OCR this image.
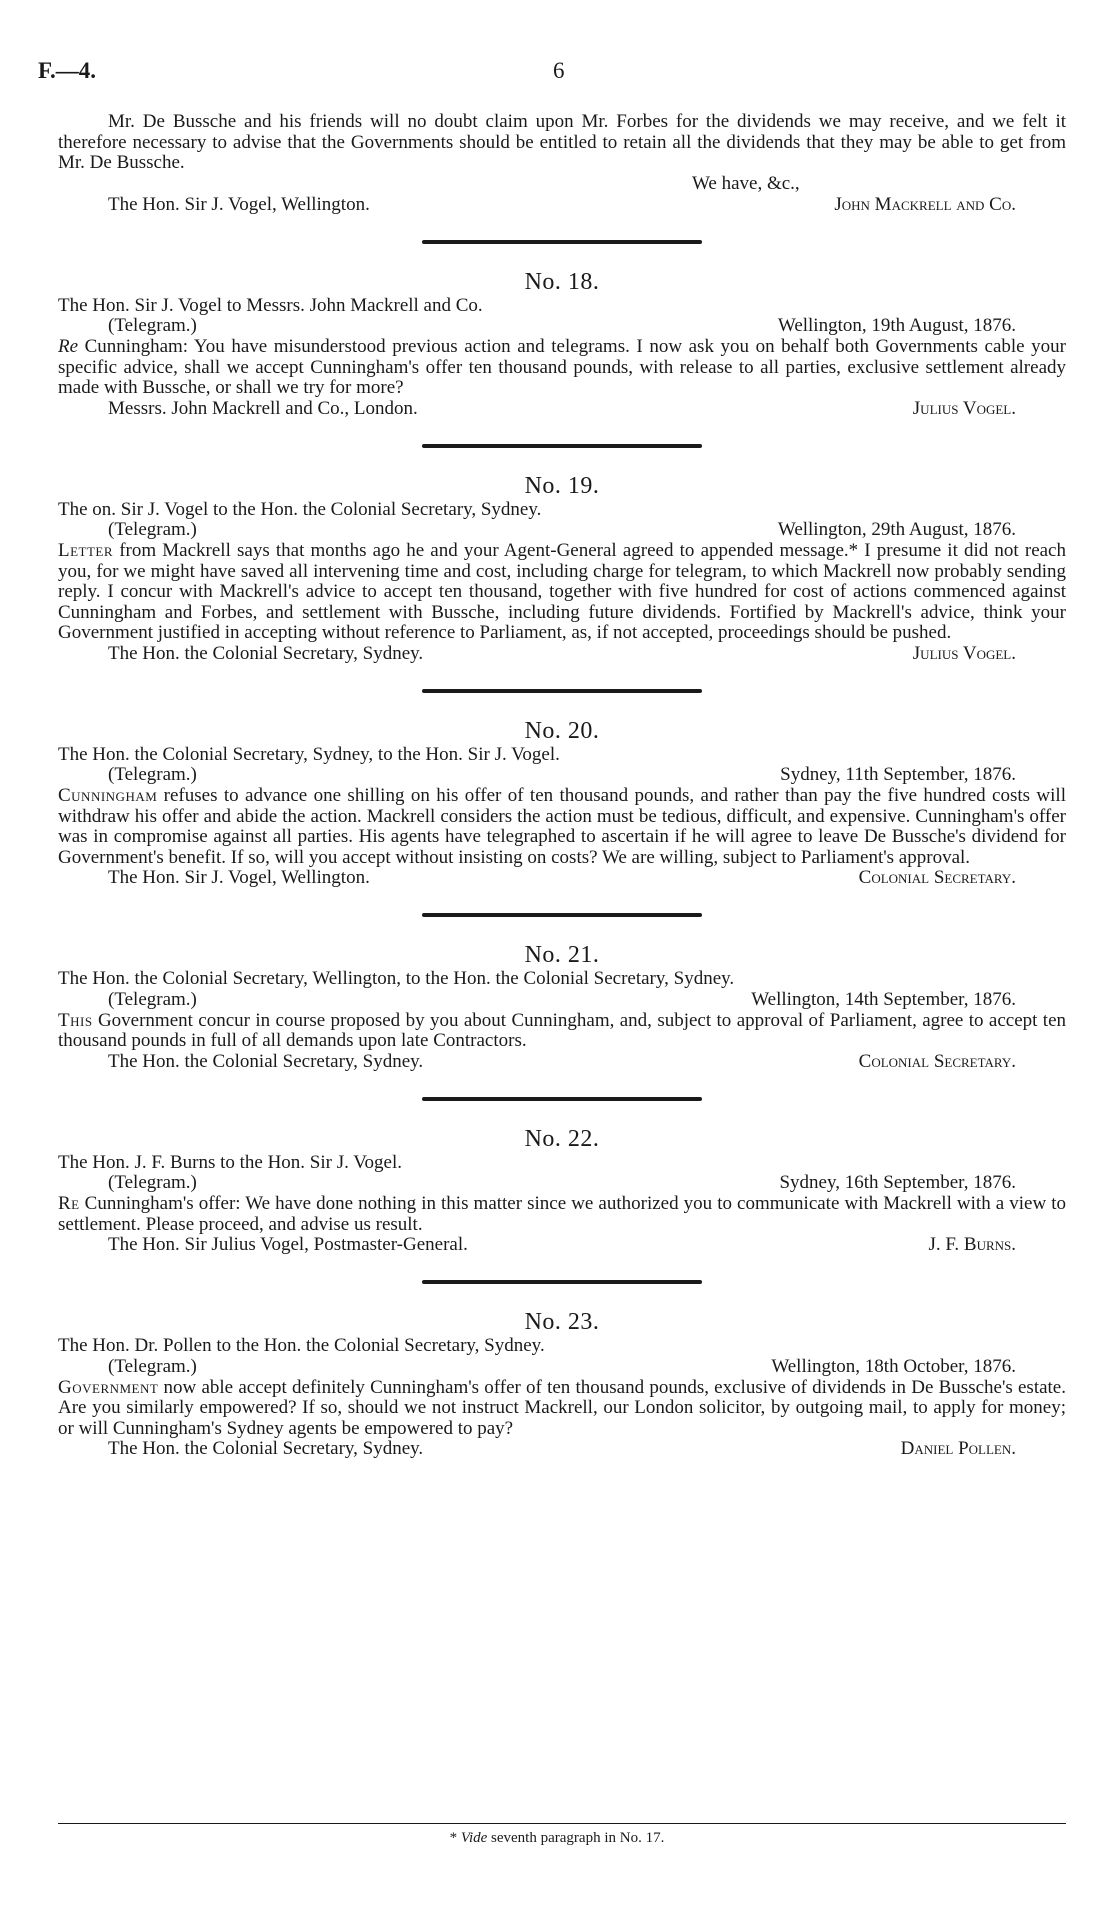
F.—4.	6

Mr. De Bussche and his friends will no doubt claim upon Mr. Forbes for the dividends we may receive, and we felt it therefore necessary to advise that the Governments should be entitled to retain all the dividends that they may be able to get from Mr. De Bussche.

We have, &c.,
The Hon. Sir J. Vogel, Wellington.	John Mackrell and Co.

No. 18.

The Hon. Sir J. Vogel to Messrs. John Mackrell and Co.

(Telegram.)	Wellington, 19th August, 1876.

Re Cunningham: You have misunderstood previous action and telegrams. I now ask you on behalf both Governments cable your specific advice, shall we accept Cunningham's offer ten thousand pounds, with release to all parties, exclusive settlement already made with Bussche, or shall we try for more?

Messrs. John Mackrell and Co., London.	Julius Vogel.

No. 19.

The on. Sir J. Vogel to the Hon. the Colonial Secretary, Sydney.

(Telegram.)	Wellington, 29th August, 1876.

Letter from Mackrell says that months ago he and your Agent-General agreed to appended message.* I presume it did not reach you, for we might have saved all intervening time and cost, including charge for telegram, to which Mackrell now probably sending reply. I concur with Mackrell's advice to accept ten thousand, together with five hundred for cost of actions commenced against Cunningham and Forbes, and settlement with Bussche, including future dividends. Fortified by Mackrell's advice, think your Government justified in accepting without reference to Parliament, as, if not accepted, proceedings should be pushed.

The Hon. the Colonial Secretary, Sydney.	Julius Vogel.

No. 20.

The Hon. the Colonial Secretary, Sydney, to the Hon. Sir J. Vogel.

(Telegram.)	Sydney, 11th September, 1876.

Cunningham refuses to advance one shilling on his offer of ten thousand pounds, and rather than pay the five hundred costs will withdraw his offer and abide the action. Mackrell considers the action must be tedious, difficult, and expensive. Cunningham's offer was in compromise against all parties. His agents have telegraphed to ascertain if he will agree to leave De Bussche's dividend for Government's benefit. If so, will you accept without insisting on costs? We are willing, subject to Parliament's approval.

The Hon. Sir J. Vogel, Wellington.	Colonial Secretary.

No. 21.

The Hon. the Colonial Secretary, Wellington, to the Hon. the Colonial Secretary, Sydney.

(Telegram.)	Wellington, 14th September, 1876.

This Government concur in course proposed by you about Cunningham, and, subject to approval of Parliament, agree to accept ten thousand pounds in full of all demands upon late Contractors.

The Hon. the Colonial Secretary, Sydney.	Colonial Secretary.

No. 22.

The Hon. J. F. Burns to the Hon. Sir J. Vogel.

(Telegram.)	Sydney, 16th September, 1876.

Re Cunningham's offer: We have done nothing in this matter since we authorized you to communicate with Mackrell with a view to settlement. Please proceed, and advise us result.

The Hon. Sir Julius Vogel, Postmaster-General.	J. F. Burns.

No. 23.

The Hon. Dr. Pollen to the Hon. the Colonial Secretary, Sydney.

(Telegram.)	Wellington, 18th October, 1876.

Government now able accept definitely Cunningham's offer of ten thousand pounds, exclusive of dividends in De Bussche's estate. Are you similarly empowered? If so, should we not instruct Mackrell, our London solicitor, by outgoing mail, to apply for money; or will Cunningham's Sydney agents be empowered to pay?

The Hon. the Colonial Secretary, Sydney.	Daniel Pollen.
* Vide seventh paragraph in No. 17.
